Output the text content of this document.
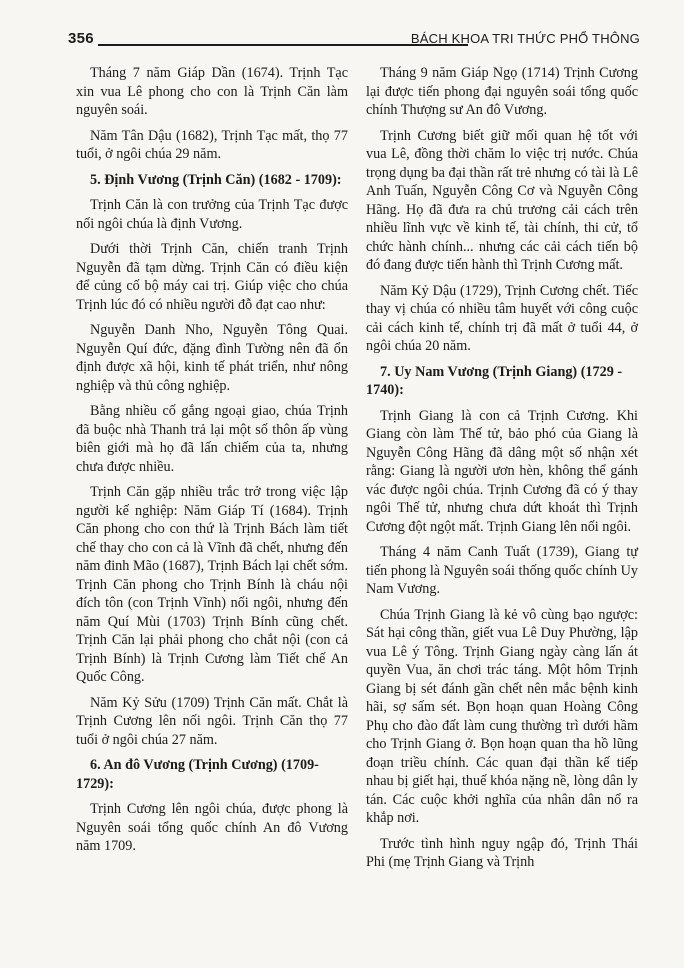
356	BÁCH KHOA TRI THỨC PHỔ THÔNG

Tháng 7 năm Giáp Dần (1674). Trịnh Tạc xin vua Lê phong cho con là Trịnh Căn làm nguyên soái.

Năm Tân Dậu (1682), Trịnh Tạc mất, thọ 77 tuổi, ở ngôi chúa 29 năm.

5. Định Vương (Trịnh Căn) (1682 - 1709):

Trịnh Căn là con trưởng của Trịnh Tạc được nối ngôi chúa là định Vương.

Dưới thời Trịnh Căn, chiến tranh Trịnh Nguyễn đã tạm dừng. Trịnh Căn có điều kiện để củng cố bộ máy cai trị. Giúp việc cho chúa Trịnh lúc đó có nhiều người đỗ đạt cao như:

Nguyễn Danh Nho, Nguyễn Tông Quai. Nguyễn Quí đức, đặng đình Tường nên đã ổn định được xã hội, kinh tế phát triển, như nông nghiệp và thủ công nghiệp.

Bằng nhiều cố gắng ngoại giao, chúa Trịnh đã buộc nhà Thanh trả lại một số thôn ấp vùng biên giới mà họ đã lấn chiếm của ta, nhưng chưa được nhiều.

Trịnh Căn gặp nhiều trắc trở trong việc lập người kế nghiệp: Năm Giáp Tí (1684). Trịnh Căn phong cho con thứ là Trịnh Bách làm tiết chế thay cho con cả là Vĩnh đã chết, nhưng đến năm đinh Mão (1687), Trịnh Bách lại chết sớm. Trịnh Căn phong cho Trịnh Bính là cháu nội đích tôn (con Trịnh Vĩnh) nối ngôi, nhưng đến năm Quí Mùi (1703) Trịnh Bính cũng chết. Trịnh Căn lại phải phong cho chắt nội (con cả Trịnh Bính) là Trịnh Cương làm Tiết chế An Quốc Công.

Năm Kỷ Sửu (1709) Trịnh Căn mất. Chắt là Trịnh Cương lên nối ngôi. Trịnh Căn thọ 77 tuổi ở ngôi chúa 27 năm.

6. An đô Vương (Trịnh Cương) (1709-1729):

Trịnh Cương lên ngôi chúa, được phong là Nguyên soái tổng quốc chính An đô Vương năm 1709.

Tháng 9 năm Giáp Ngọ (1714) Trịnh Cương lại được tiến phong đại nguyên soái tổng quốc chính Thượng sư An đô Vương.

Trịnh Cương biết giữ mối quan hệ tốt với vua Lê, đồng thời chăm lo việc trị nước. Chúa trọng dụng ba đại thần rất trẻ nhưng có tài là Lê Anh Tuấn, Nguyễn Công Cơ và Nguyễn Công Hãng. Họ đã đưa ra chủ trương cải cách trên nhiều lĩnh vực về kinh tế, tài chính, thi cử, tổ chức hành chính... nhưng các cải cách tiến bộ đó đang được tiến hành thì Trịnh Cương mất.

Năm Kỷ Dậu (1729), Trịnh Cương chết. Tiếc thay vị chúa có nhiều tâm huyết với công cuộc cải cách kinh tế, chính trị đã mất ở tuổi 44, ở ngôi chúa 20 năm.

7. Uy Nam Vương (Trịnh Giang) (1729 - 1740):

Trịnh Giang là con cả Trịnh Cương. Khi Giang còn làm Thế tử, bảo phó của Giang là Nguyễn Công Hãng đã dâng một số nhận xét rằng: Giang là người ươn hèn, không thể gánh vác được ngôi chúa. Trịnh Cương đã có ý thay ngôi Thế tử, nhưng chưa dứt khoát thì Trịnh Cương đột ngột mất. Trịnh Giang lên nối ngôi.

Tháng 4 năm Canh Tuất (1739), Giang tự tiến phong là Nguyên soái thống quốc chính Uy Nam Vương.

Chúa Trịnh Giang là kẻ vô cùng bạo ngược: Sát hại công thần, giết vua Lê Duy Phường, lập vua Lê ý Tông. Trịnh Giang ngày càng lấn át quyền Vua, ăn chơi trác táng. Một hôm Trịnh Giang bị sét đánh gần chết nên mắc bệnh kinh hãi, sợ sấm sét. Bọn hoạn quan Hoàng Công Phụ cho đào đất làm cung thường trì dưới hầm cho Trịnh Giang ở. Bọn hoạn quan tha hồ lũng đoạn triều chính. Các quan đại thần kế tiếp nhau bị giết hại, thuế khóa nặng nề, lòng dân ly tán. Các cuộc khởi nghĩa của nhân dân nổ ra khắp nơi.

Trước tình hình nguy ngập đó, Trịnh Thái Phi (mẹ Trịnh Giang và Trịnh
